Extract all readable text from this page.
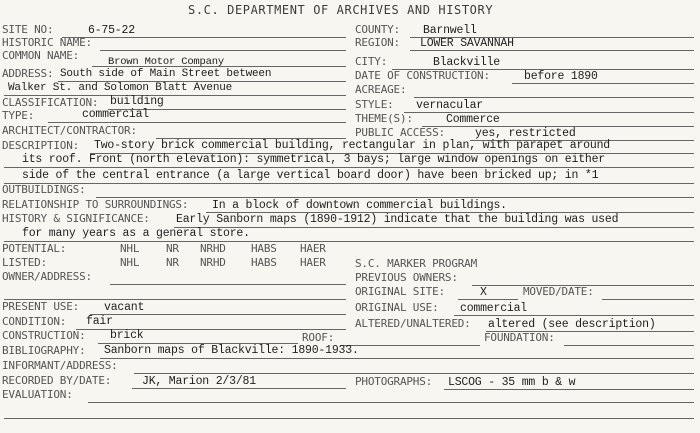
S.C. DEPARTMENT OF ARCHIVES AND HISTORY
SITE NO:	6-75-22	COUNTY: Barnwell
HISTORIC NAME:	REGION: LOWER SAVANNAH
COMMON NAME:	Brown Motor Company	CITY:	Blackville
ADDRESS: South side of Main Street between	DATE OF CONSTRUCTION:	before 1890
Walker St. and Solomon Blatt Avenue	ACREAGE:
CLASSIFICATION: building	STYLE: vernacular
TYPE:	commercial	THEME(S):	Commerce
ARCHITECT/CONTRACTOR:	PUBLIC ACCESS:	yes, restricted
DESCRIPTION: Two-story brick commercial building, rectangular in plan, with parapet around
its roof. Front (north elevation): symmetrical, 3 bays; large window openings on either
side of the central entrance (a large vertical board door) have been bricked up; in *1
OUTBUILDINGS:
RELATIONSHIP TO SURROUNDINGS: In a block of downtown commercial buildings.
HISTORY & SIGNIFICANCE: Early Sanborn maps (1890-1912) indicate that the building was used
for many years as a general store.
POTENTIAL:	NHL NR NRHD HABS HAER
LISTED:	NHL NR NRHD HABS HAER	S.C. MARKER PROGRAM
OWNER/ADDRESS:	PREVIOUS OWNERS:
ORIGINAL SITE:	X	MOVED/DATE:
PRESENT USE: vacant	ORIGINAL USE: commercial
CONDITION: fair	ALTERED/UNALTERED: altered (see description)
CONSTRUCTION: brick	ROOF:	FOUNDATION:
BIBLIOGRAPHY: Sanborn maps of Blackville: 1890-1933.
INFORMANT/ADDRESS:
RECORDED BY/DATE:	JK, Marion 2/3/81	PHOTOGRAPHS: LSCOG - 35 mm b & w
EVALUATION:
